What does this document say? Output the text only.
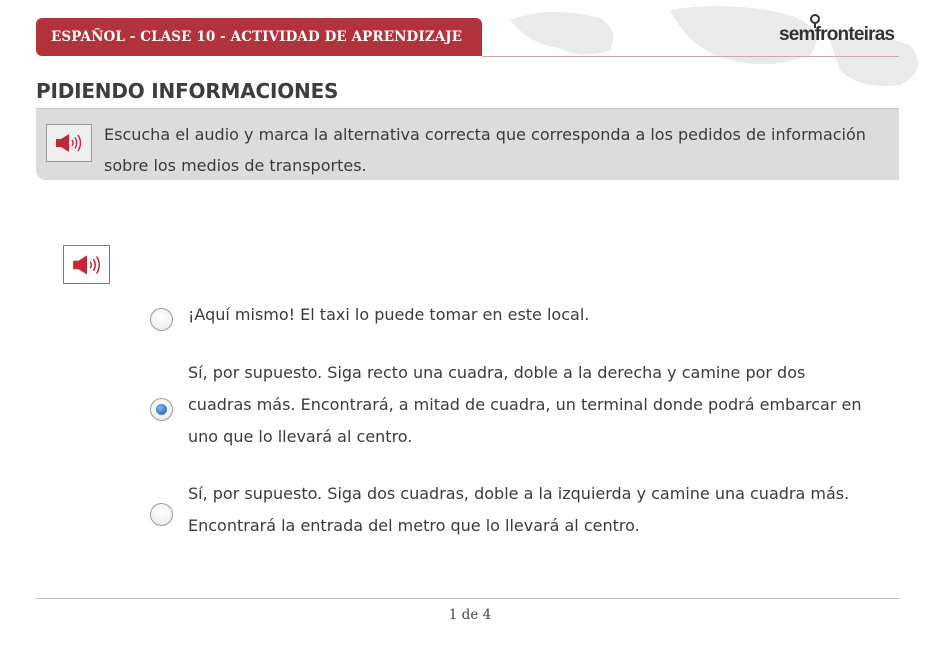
ESPAÑOL - CLASE 10 - ACTIVIDAD DE APRENDIZAJE	semfronteiras
PIDIENDO INFORMACIONES

Escucha el audio y marca la alternativa correcta que corresponda a los pedidos de información sobre los medios de transportes.

¡Aquí mismo! El taxi lo puede tomar en este local.

Sí, por supuesto. Siga recto una cuadra, doble a la derecha y camine por dos cuadras más. Encontrará, a mitad de cuadra, un terminal donde podrá embarcar en uno que lo llevará al centro.

Sí, por supuesto. Siga dos cuadras, doble a la izquierda y camine una cuadra más. Encontrará la entrada del metro que lo llevará al centro.

1 de 4
